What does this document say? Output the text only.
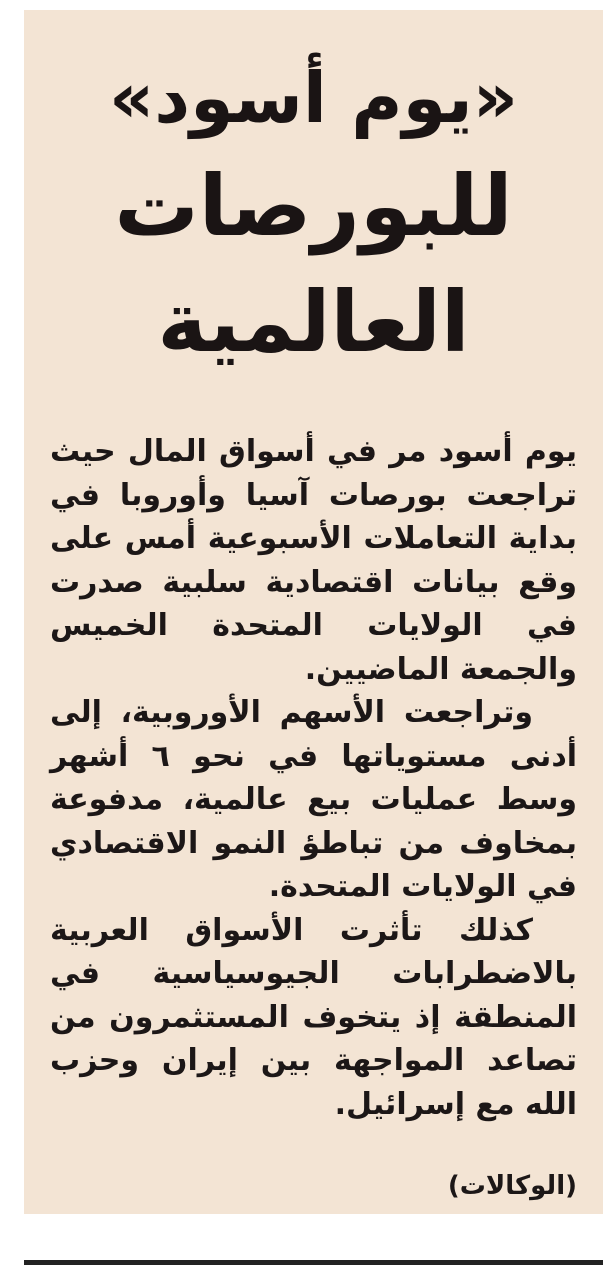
«يوم أسود»
للبورصات
العالمية

يوم أسود مر في أسواق المال حيث تراجعت بورصات آسيا وأوروبا في بداية التعاملات الأسبوعية أمس على وقع بيانات اقتصادية سلبية صدرت في الولايات المتحدة الخميس والجمعة الماضيين.

وتراجعت الأسهم الأوروبية، إلى أدنى مستوياتها في نحو ٦ أشهر وسط عمليات بيع عالمية، مدفوعة بمخاوف من تباطؤ النمو الاقتصادي في الولايات المتحدة.

كذلك تأثرت الأسواق العربية بالاضطرابات الجيوسياسية في المنطقة إذ يتخوف المستثمرون من تصاعد المواجهة بين إيران وحزب الله مع إسرائيل.

(الوكالات)
